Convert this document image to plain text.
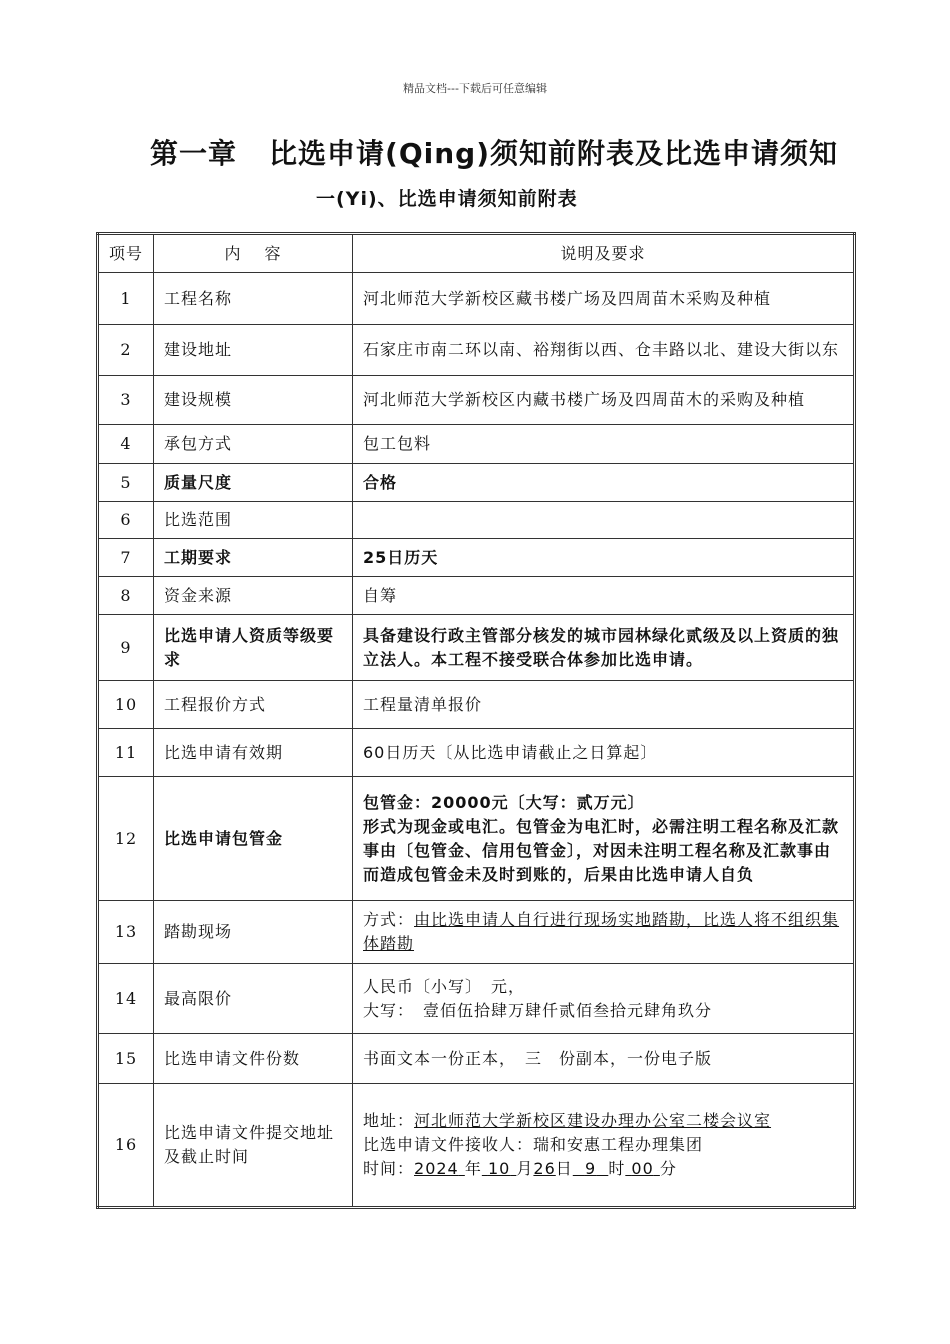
精品文档---下载后可任意编辑
第一章 比选申请(Qing)须知前附表及比选申请须知
一(Yi)、比选申请须知前附表
项号	内　 容	说明及要求
1	工程名称	河北师范大学新校区藏书楼广场及四周苗木采购及种植
2	建设地址	石家庄市南二环以南、裕翔街以西、仓丰路以北、建设大街以东
3	建设规模	河北师范大学新校区内藏书楼广场及四周苗木的采购及种植
4	承包方式	包工包料
5	质量尺度	合格
6	比选范围	
7	工期要求	25日历天
8	资金来源	自筹
9	比选申请人资质等级要求	具备建设行政主管部分核发的城市园林绿化贰级及以上资质的独立法人。本工程不接受联合体参加比选申请。
10	工程报价方式	工程量清单报价
11	比选申请有效期	60日历天〔从比选申请截止之日算起〕
12	比选申请包管金	包管金：20000元〔大写：贰万元〕
形式为现金或电汇。包管金为电汇时，必需注明工程名称及汇款事由〔包管金、信用包管金〕，对因未注明工程名称及汇款事由而造成包管金未及时到账的，后果由比选申请人自负

13	踏勘现场	方式：由比选申请人自行进行现场实地踏勘，比选人将不组织集体踏勘
14	最高限价	人民币〔小写〕　元，
大写：　壹佰伍拾肆万肆仟贰佰叁拾元肆角玖分

15	比选申请文件份数	书面文本一份正本，　三　份副本，一份电子版
16	比选申请文件提交地址及截止时间	地址：河北师范大学新校区建设办理办公室二楼会议室
比选申请文件接收人：瑞和安惠工程办理集团
时间：2024 年 10 月26日 9 时 00 分
